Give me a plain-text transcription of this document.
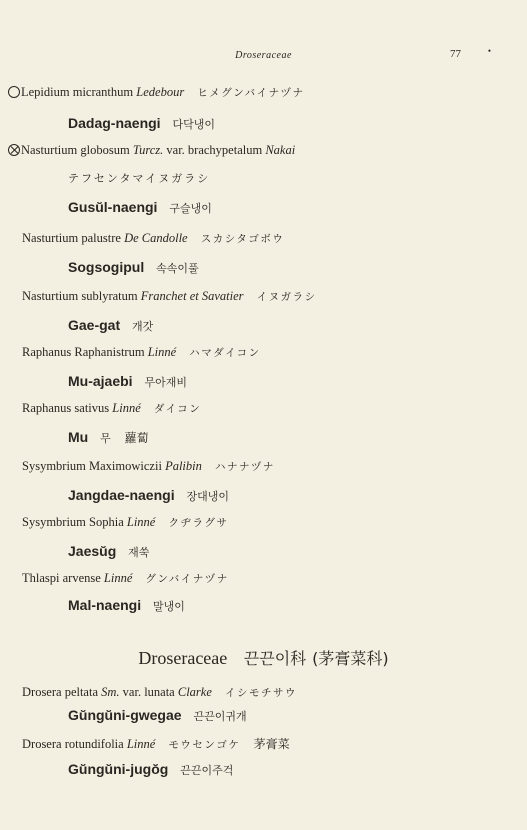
Droseraceae	77	•
Lepidium micranthum Ledebour ヒメグンバイナヅナ
Dadag-naengi 다닥냉이
Nasturtium globosum Turcz. var. brachypetalum Nakai
テフセンタマイヌガラシ
Gusŭl-naengi 구슬냉이
Nasturtium palustre De Candolle スカシタゴボウ
Sogsogipul 속속이풀
Nasturtium sublyratum Franchet et Savatier イヌガラシ
Gae-gat 개갓
Raphanus Raphanistrum Linné ハマダイコン
Mu-ajaebi 무아재비
Raphanus sativus Linné ダイコン
Mu 무 蘿蔔
Sysymbrium Maximowiczii Palibin ハナナヅナ
Jangdae-naengi 장대냉이
Sysymbrium Sophia Linné クヂラグサ
Jaesŭg 재쑥
Thlaspi arvense Linné グンバイナヅナ
Mal-naengi 말냉이
Droseraceae 끈끈이科 (茅膏菜科)
Drosera peltata Sm. var. lunata Clarke イシモチサウ
Gŭngŭni-gwegae 끈끈이귀개
Drosera rotundifolia Linné モウセンゴケ 茅膏菜
Gŭngŭni-jugŏg 끈끈이주걱
